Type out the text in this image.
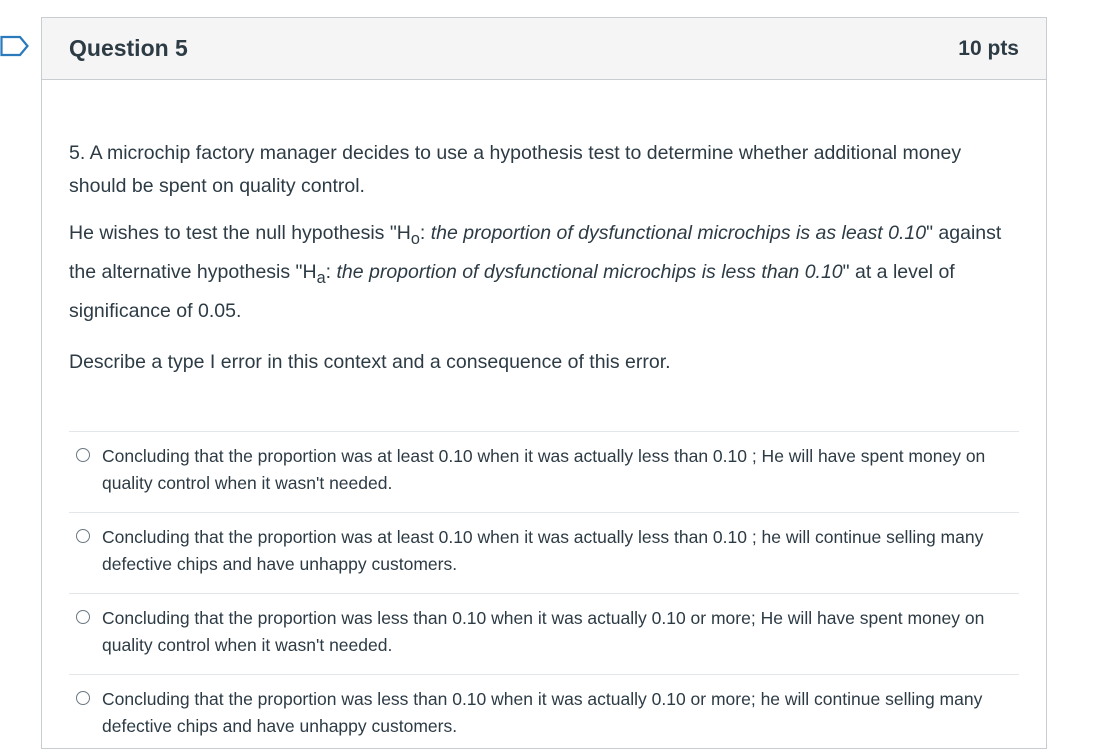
Question 5	10 pts

5. A microchip factory manager decides to use a hypothesis test to determine whether additional money should be spent on quality control.

He wishes to test the null hypothesis "$H_o$: the proportion of dysfunctional microchips is as least 0.10" against the alternative hypothesis "$H_a$: the proportion of dysfunctional microchips is less than 0.10" at a level of significance of 0.05.

Describe a type I error in this context and a consequence of this error.

Concluding that the proportion was at least 0.10 when it was actually less than 0.10 ; He will have spent money on quality control when it wasn't needed.
Concluding that the proportion was at least 0.10 when it was actually less than 0.10 ; he will continue selling many defective chips and have unhappy customers.
Concluding that the proportion was less than 0.10 when it was actually 0.10 or more; He will have spent money on quality control when it wasn't needed.
Concluding that the proportion was less than 0.10 when it was actually 0.10 or more; he will continue selling many defective chips and have unhappy customers.
